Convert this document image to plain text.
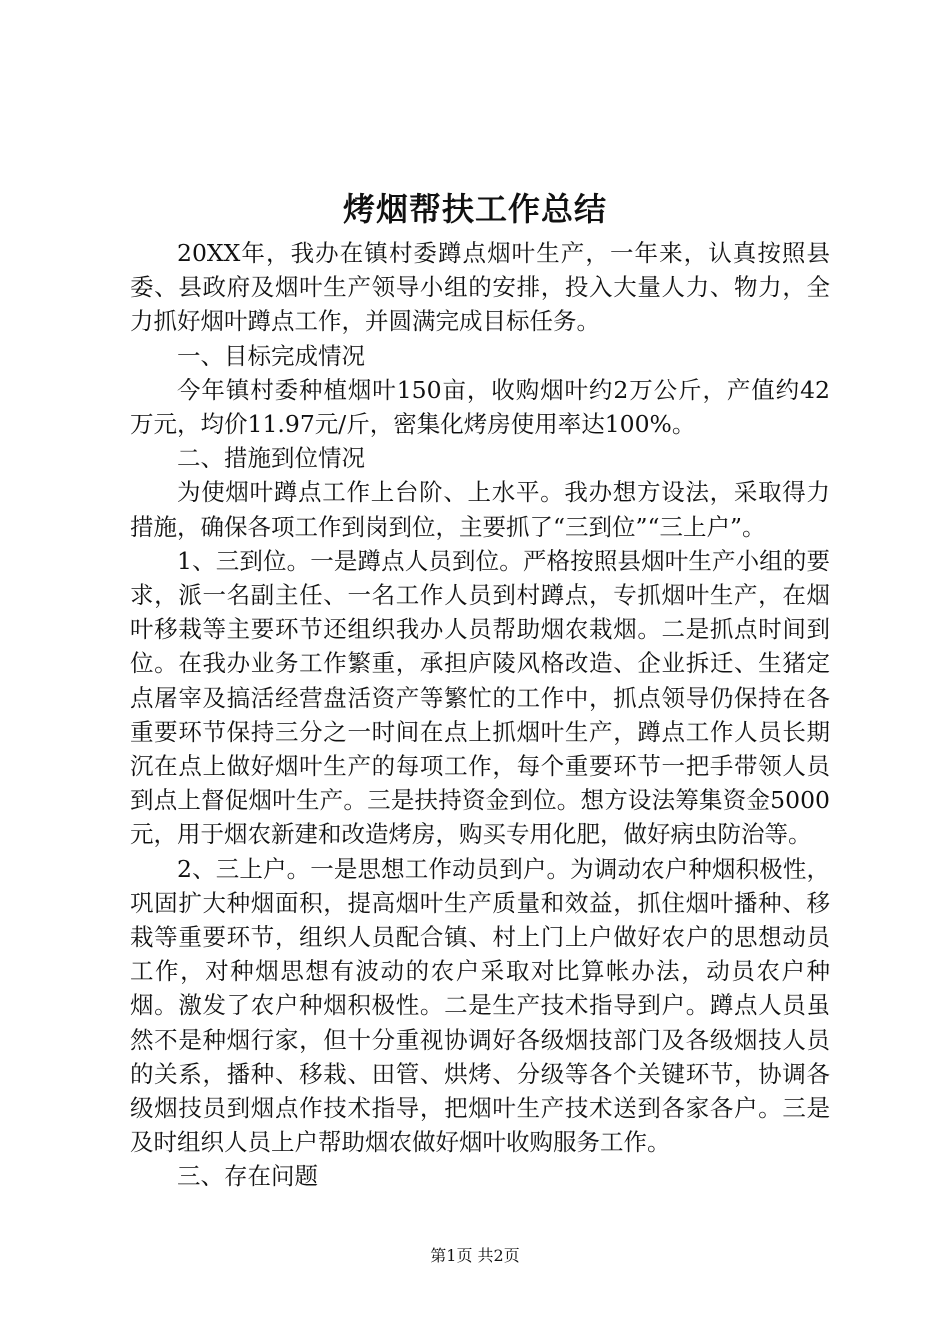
烤烟帮扶工作总结

20XX年，我办在镇村委蹲点烟叶生产，一年来，认真按照县委、县政府及烟叶生产领导小组的安排，投入大量人力、物力，全力抓好烟叶蹲点工作，并圆满完成目标任务。

一、目标完成情况

今年镇村委种植烟叶150亩，收购烟叶约2万公斤，产值约42万元，均价11.97元/斤，密集化烤房使用率达100%。

二、措施到位情况

为使烟叶蹲点工作上台阶、上水平。我办想方设法，采取得力措施，确保各项工作到岗到位，主要抓了“三到位”“三上户”。

1、三到位。一是蹲点人员到位。严格按照县烟叶生产小组的要求，派一名副主任、一名工作人员到村蹲点，专抓烟叶生产，在烟叶移栽等主要环节还组织我办人员帮助烟农栽烟。二是抓点时间到位。在我办业务工作繁重，承担庐陵风格改造、企业拆迁、生猪定点屠宰及搞活经营盘活资产等繁忙的工作中，抓点领导仍保持在各重要环节保持三分之一时间在点上抓烟叶生产，蹲点工作人员长期沉在点上做好烟叶生产的每项工作，每个重要环节一把手带领人员到点上督促烟叶生产。三是扶持资金到位。想方设法筹集资金5000元，用于烟农新建和改造烤房，购买专用化肥，做好病虫防治等。

2、三上户。一是思想工作动员到户。为调动农户种烟积极性，巩固扩大种烟面积，提高烟叶生产质量和效益，抓住烟叶播种、移栽等重要环节，组织人员配合镇、村上门上户做好农户的思想动员工作，对种烟思想有波动的农户采取对比算帐办法，动员农户种烟。激发了农户种烟积极性。二是生产技术指导到户。蹲点人员虽然不是种烟行家，但十分重视协调好各级烟技部门及各级烟技人员的关系，播种、移栽、田管、烘烤、分级等各个关键环节，协调各级烟技员到烟点作技术指导，把烟叶生产技术送到各家各户。三是及时组织人员上户帮助烟农做好烟叶收购服务工作。

三、存在问题

第1页 共2页
